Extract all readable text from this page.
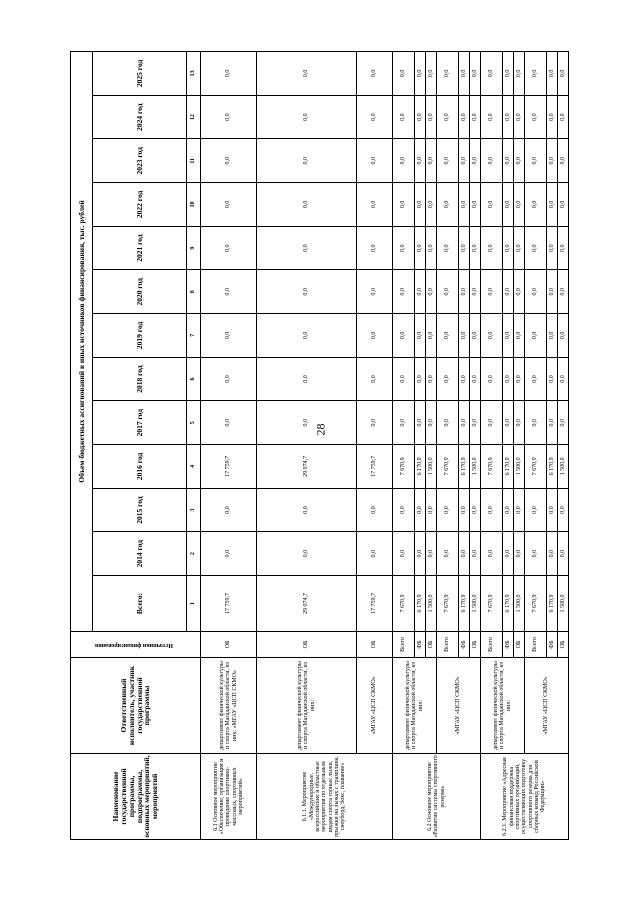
28
Наименование государственной программы, подпрограммы, основных мероприятий, мероприятий	Ответственный исполнитель, участник государственной программы	Источники финансирования	Объем бюджетных ассигнований в иных источников финансирования, тыс. рублей													
			Всего:	2014 год	2015 год	2016 год	2017 год	2018 год	2019 год	2020 год	2021 год	2022 год	2023 год	2024 год	2025 год	
			1	2	3	4	5	6	7	8	9	10	11	12	13			
6.1 Основное мероприятие «Обеспечение, организация и проведение спортивно-массовых, спортивных мероприятий»	департамент физической культуры и спорта Магаданской области, из них: «МГАУ «ЦСП СКМО»	ОБ	17 759,7	0,0	0,0	17 759,7	0,0	0,0	0,0	0,0	0,0	0,0	0,0	0,0	0,0	
6.1.1. Мероприятие «Международные, всероссийские и областные мероприятия по отдельным видам спорта горные лыжи, прыжки на лыжах с трамплина, сноуборд, бокс, плавание»	департамент физической культуры и спорта Магаданской области, из них:	ОБ	29 074,7	0,0	0,0	29 074,7	0,0	0,0	0,0	0,0	0,0	0,0	0,0	0,0	0,0	
	«МГАУ «ЦСП СКМО»	ОБ	17 759,7	0,0	0,0	17 759,7	0,0	0,0	0,0	0,0	0,0	0,0	0,0	0,0	0,0	
6.2 Основное мероприятие «Развитие системы спортивного резерва»	департамент физической культуры и спорта Магаданской области, из них:	Всего	7 670,9	0,0	0,0	7 670,9	0,0	0,0	0,0	0,0	0,0	0,0	0,0	0,0	0,0	
		ФБ	6 170,9	0,0	0,0	6 170,9	0,0	0,0	0,0	0,0	0,0	0,0	0,0	0,0	0,0	
		ОБ	1 500,0	0,0	0,0	1 500,0	0,0	0,0	0,0	0,0	0,0	0,0	0,0	0,0	0,0	
	«МГАУ «ЦСП СКМО»	Всего	7 670,9	0,0	0,0	7 670,9	0,0	0,0	0,0	0,0	0,0	0,0	0,0	0,0	0,0	
		ФБ	6 170,9	0,0	0,0	6 170,9	0,0	0,0	0,0	0,0	0,0	0,0	0,0	0,0	0,0	
		ОБ	1 500,0	0,0	0,0	1 500,0	0,0	0,0	0,0	0,0	0,0	0,0	0,0	0,0	0,0	
6.2.1. Мероприятие «Адресная финансовая поддержка спортивных организаций, осуществляющих подготовку спортивного резерва для сборных команд Российской Федерации»	департамент физической культуры и спорта Магаданской области, из них:	Всего	7 670,9	0,0	0,0	7 670,9	0,0	0,0	0,0	0,0	0,0	0,0	0,0	0,0	0,0	
		ФБ	6 170,9	0,0	0,0	6 170,9	0,0	0,0	0,0	0,0	0,0	0,0	0,0	0,0	0,0	
		ОБ	1 500,0	0,0	0,0	1 500,0	0,0	0,0	0,0	0,0	0,0	0,0	0,0	0,0	0,0	
	«МГАУ «ЦСП СКМО»	Всего	7 670,9	0,0	0,0	7 670,9	0,0	0,0	0,0	0,0	0,0	0,0	0,0	0,0	0,0	
		ФБ	6 170,9	0,0	0,0	6 170,9	0,0	0,0	0,0	0,0	0,0	0,0	0,0	0,0	0,0	
		ОБ	1 500,0	0,0	0,0	1 500,0	0,0	0,0	0,0	0,0	0,0	0,0	0,0	0,0	0,0	
